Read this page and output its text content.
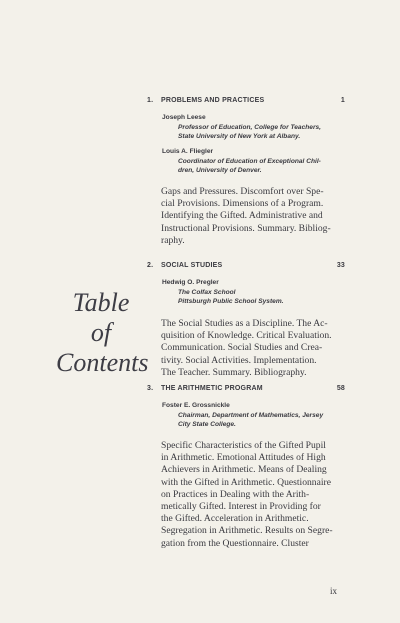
Table
of
Contents
1. PROBLEMS AND PRACTICES	1
Joseph Leese
Professor of Education, College for Teachers,
State University of New York at Albany.
Louis A. Fliegler
Coordinator of Education of Exceptional Chil-
dren, University of Denver.
Gaps and Pressures. Discomfort over Spe-
cial Provisions. Dimensions of a Program.
Identifying the Gifted. Administrative and
Instructional Provisions. Summary. Bibliog-
raphy.
2. SOCIAL STUDIES	33
Hedwig O. Pregler
The Colfax School
Pittsburgh Public School System.
The Social Studies as a Discipline. The Ac-
quisition of Knowledge. Critical Evaluation.
Communication. Social Studies and Crea-
tivity. Social Activities. Implementation.
The Teacher. Summary. Bibliography.
3. THE ARITHMETIC PROGRAM	58
Foster E. Grossnickle
Chairman, Department of Mathematics, Jersey
City State College.
Specific Characteristics of the Gifted Pupil
in Arithmetic. Emotional Attitudes of High
Achievers in Arithmetic. Means of Dealing
with the Gifted in Arithmetic. Questionnaire
on Practices in Dealing with the Arith-
metically Gifted. Interest in Providing for
the Gifted. Acceleration in Arithmetic.
Segregation in Arithmetic. Results on Segre-
gation from the Questionnaire. Cluster
ix
